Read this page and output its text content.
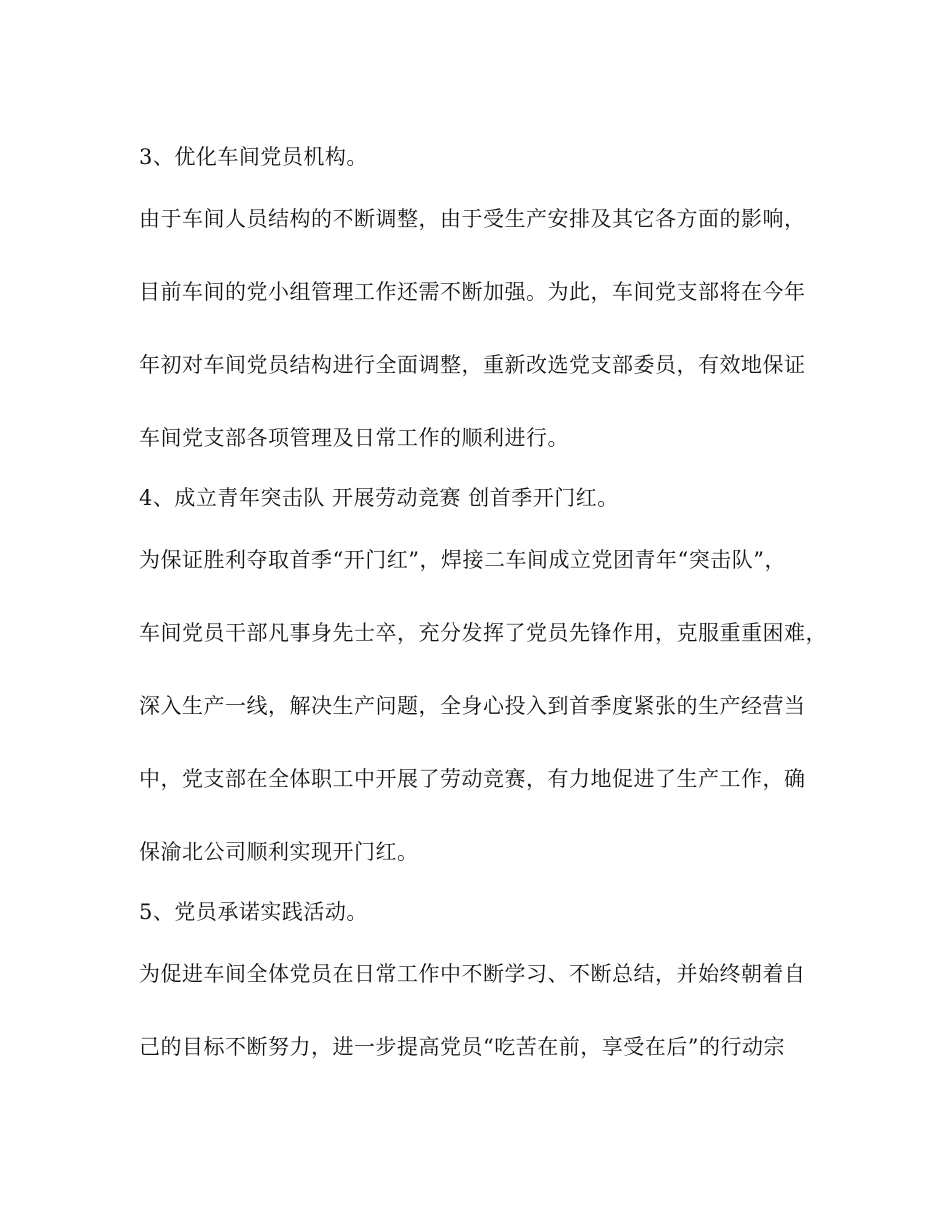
3、优化车间党员机构。
由于车间人员结构的不断调整，由于受生产安排及其它各方面的影响，
目前车间的党小组管理工作还需不断加强。为此，车间党支部将在今年
年初对车间党员结构进行全面调整，重新改选党支部委员，有效地保证
车间党支部各项管理及日常工作的顺利进行。
4、成立青年突击队 开展劳动竞赛 创首季开门红。
为保证胜利夺取首季“开门红”，焊接二车间成立党团青年“突击队”，
车间党员干部凡事身先士卒，充分发挥了党员先锋作用，克服重重困难，
深入生产一线，解决生产问题，全身心投入到首季度紧张的生产经营当
中，党支部在全体职工中开展了劳动竞赛，有力地促进了生产工作，确
保渝北公司顺利实现开门红。
5、党员承诺实践活动。
为促进车间全体党员在日常工作中不断学习、不断总结，并始终朝着自
己的目标不断努力，进一步提高党员“吃苦在前，享受在后”的行动宗
